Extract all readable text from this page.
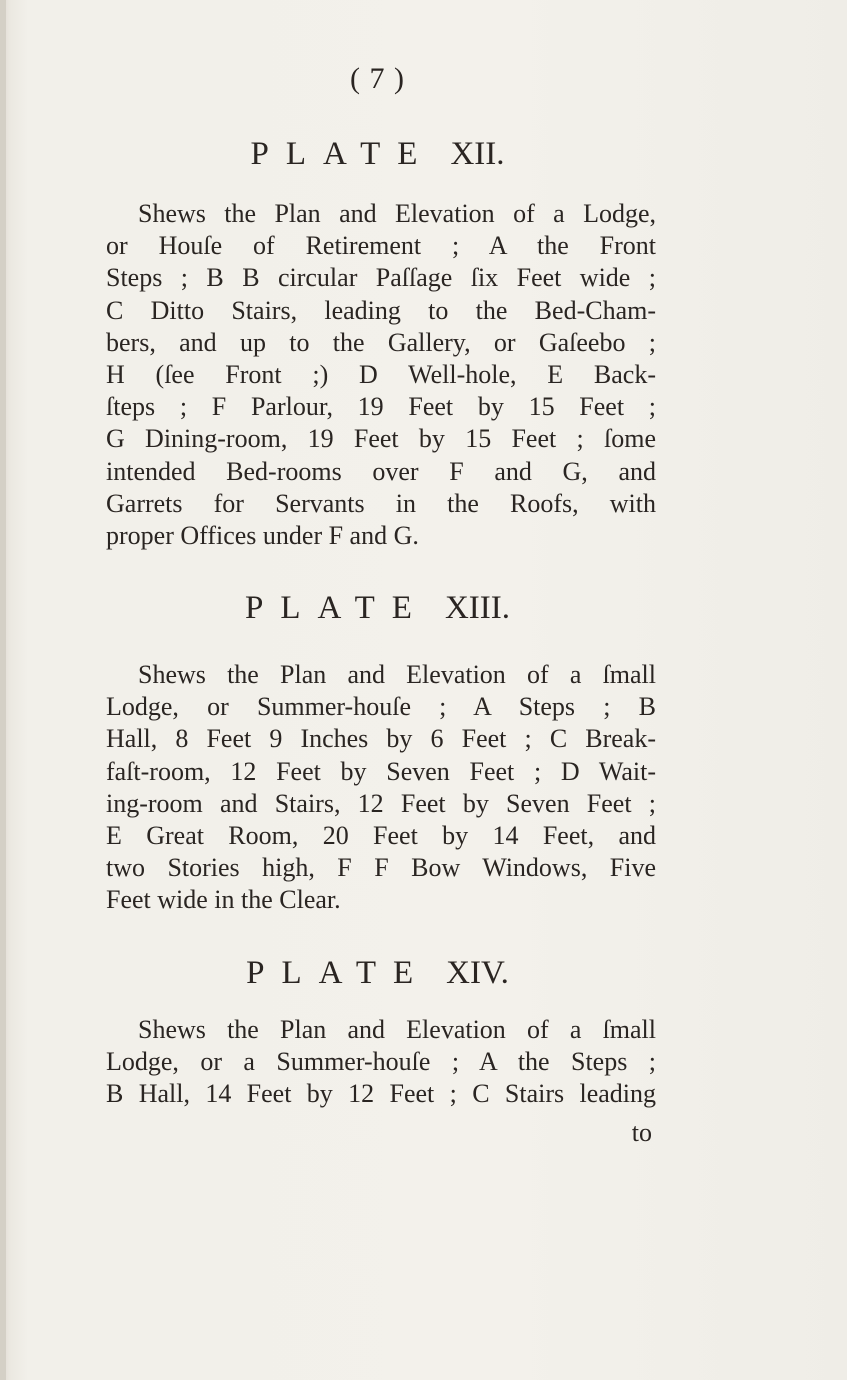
( 7 )
PLATE XII.
Shews the Plan and Elevation of a Lodge,
or Houſe of Retirement ; A the Front
Steps ; B B circular Paſſage ſix Feet wide ;
C Ditto Stairs, leading to the Bed-Cham-
bers, and up to the Gallery, or Gaſeebo ;
H (ſee Front ;) D Well-hole, E Back-
ſteps ; F Parlour, 19 Feet by 15 Feet ;
G Dining-room, 19 Feet by 15 Feet ; ſome
intended Bed-rooms over F and G, and
Garrets for Servants in the Roofs, with
proper Offices under F and G.
PLATE XIII.
Shews the Plan and Elevation of a ſmall
Lodge, or Summer-houſe ; A Steps ; B
Hall, 8 Feet 9 Inches by 6 Feet ; C Break-
faſt-room, 12 Feet by Seven Feet ; D Wait-
ing-room and Stairs, 12 Feet by Seven Feet ;
E Great Room, 20 Feet by 14 Feet, and
two Stories high, F F Bow Windows, Five
Feet wide in the Clear.
PLATE XIV.
Shews the Plan and Elevation of a ſmall
Lodge, or a Summer-houſe ; A the Steps ;
B Hall, 14 Feet by 12 Feet ; C Stairs leading
to
